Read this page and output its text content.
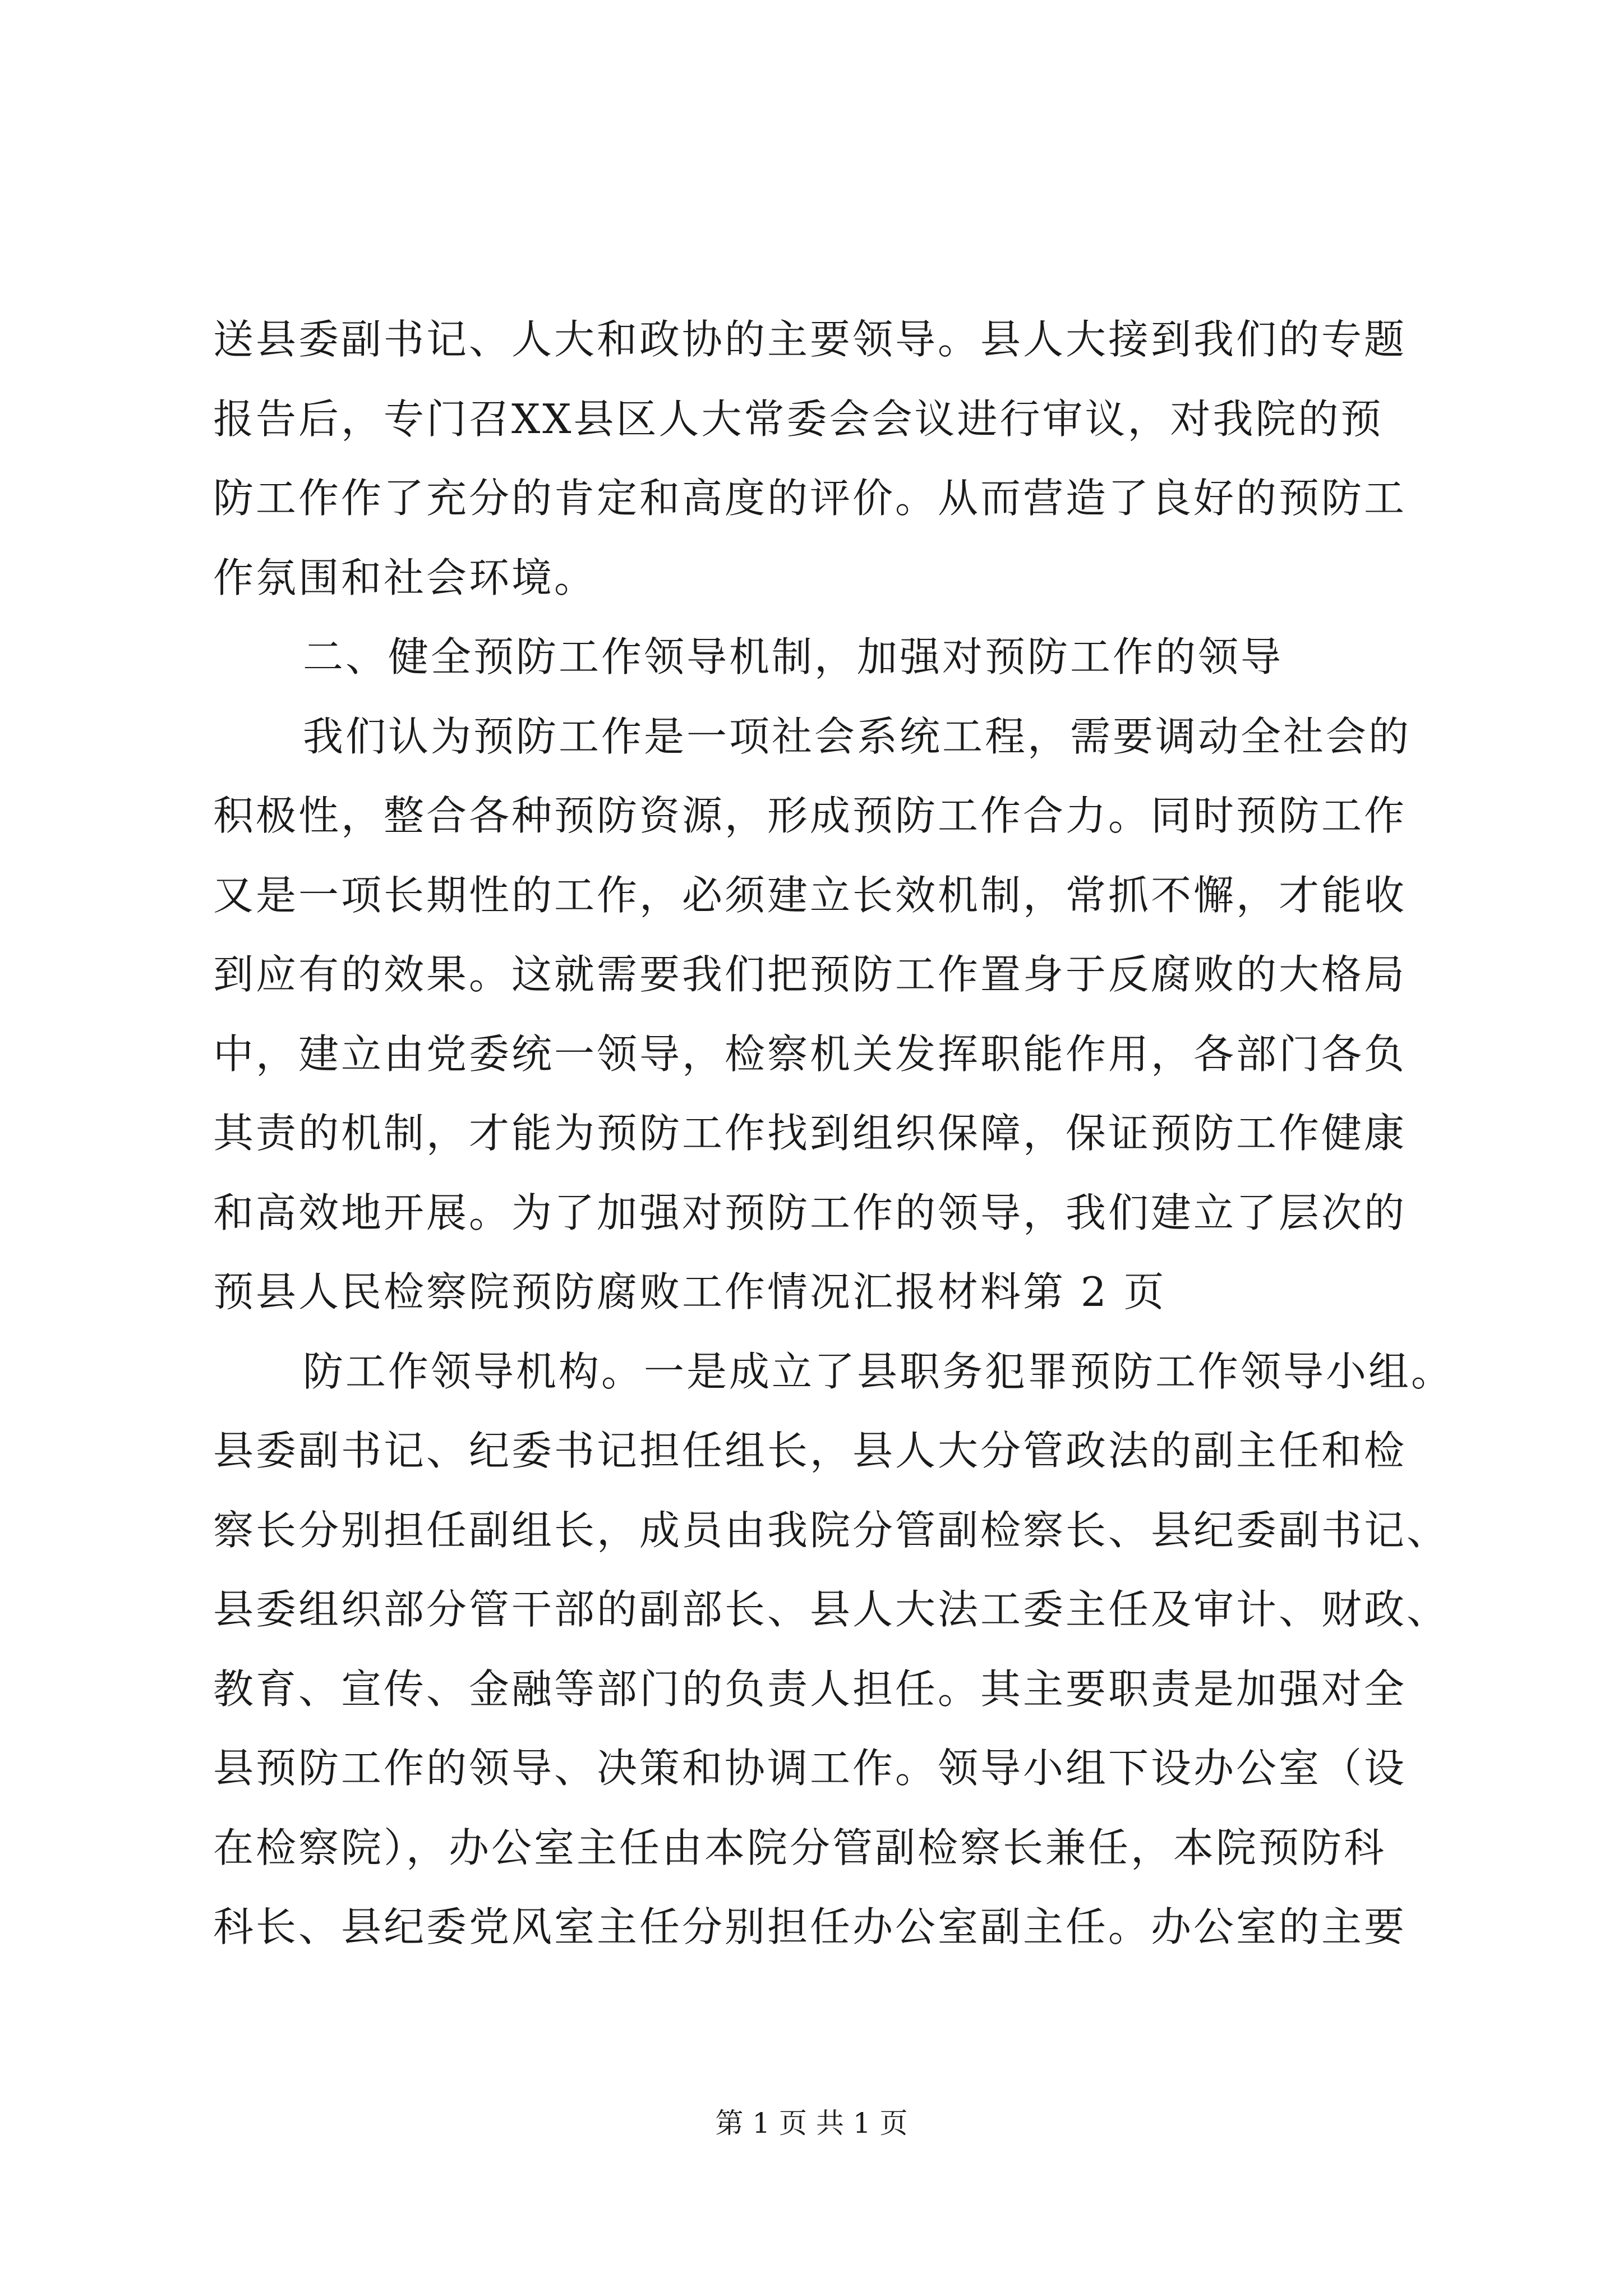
送县委副书记、人大和政协的主要领导。县人大接到我们的专题
报告后，专门召XX县区人大常委会会议进行审议，对我院的预
防工作作了充分的肯定和高度的评价。从而营造了良好的预防工
作氛围和社会环境。
二、健全预防工作领导机制，加强对预防工作的领导
我们认为预防工作是一项社会系统工程，需要调动全社会的
积极性，整合各种预防资源，形成预防工作合力。同时预防工作
又是一项长期性的工作，必须建立长效机制，常抓不懈，才能收
到应有的效果。这就需要我们把预防工作置身于反腐败的大格局
中，建立由党委统一领导，检察机关发挥职能作用，各部门各负
其责的机制，才能为预防工作找到组织保障，保证预防工作健康
和高效地开展。为了加强对预防工作的领导，我们建立了层次的
预县人民检察院预防腐败工作情况汇报材料第 2 页
防工作领导机构。一是成立了县职务犯罪预防工作领导小组。
县委副书记、纪委书记担任组长，县人大分管政法的副主任和检
察长分别担任副组长，成员由我院分管副检察长、县纪委副书记、
县委组织部分管干部的副部长、县人大法工委主任及审计、财政、
教育、宣传、金融等部门的负责人担任。其主要职责是加强对全
县预防工作的领导、决策和协调工作。领导小组下设办公室（设
在检察院），办公室主任由本院分管副检察长兼任，本院预防科
科长、县纪委党风室主任分别担任办公室副主任。办公室的主要
第 1 页 共 1 页
